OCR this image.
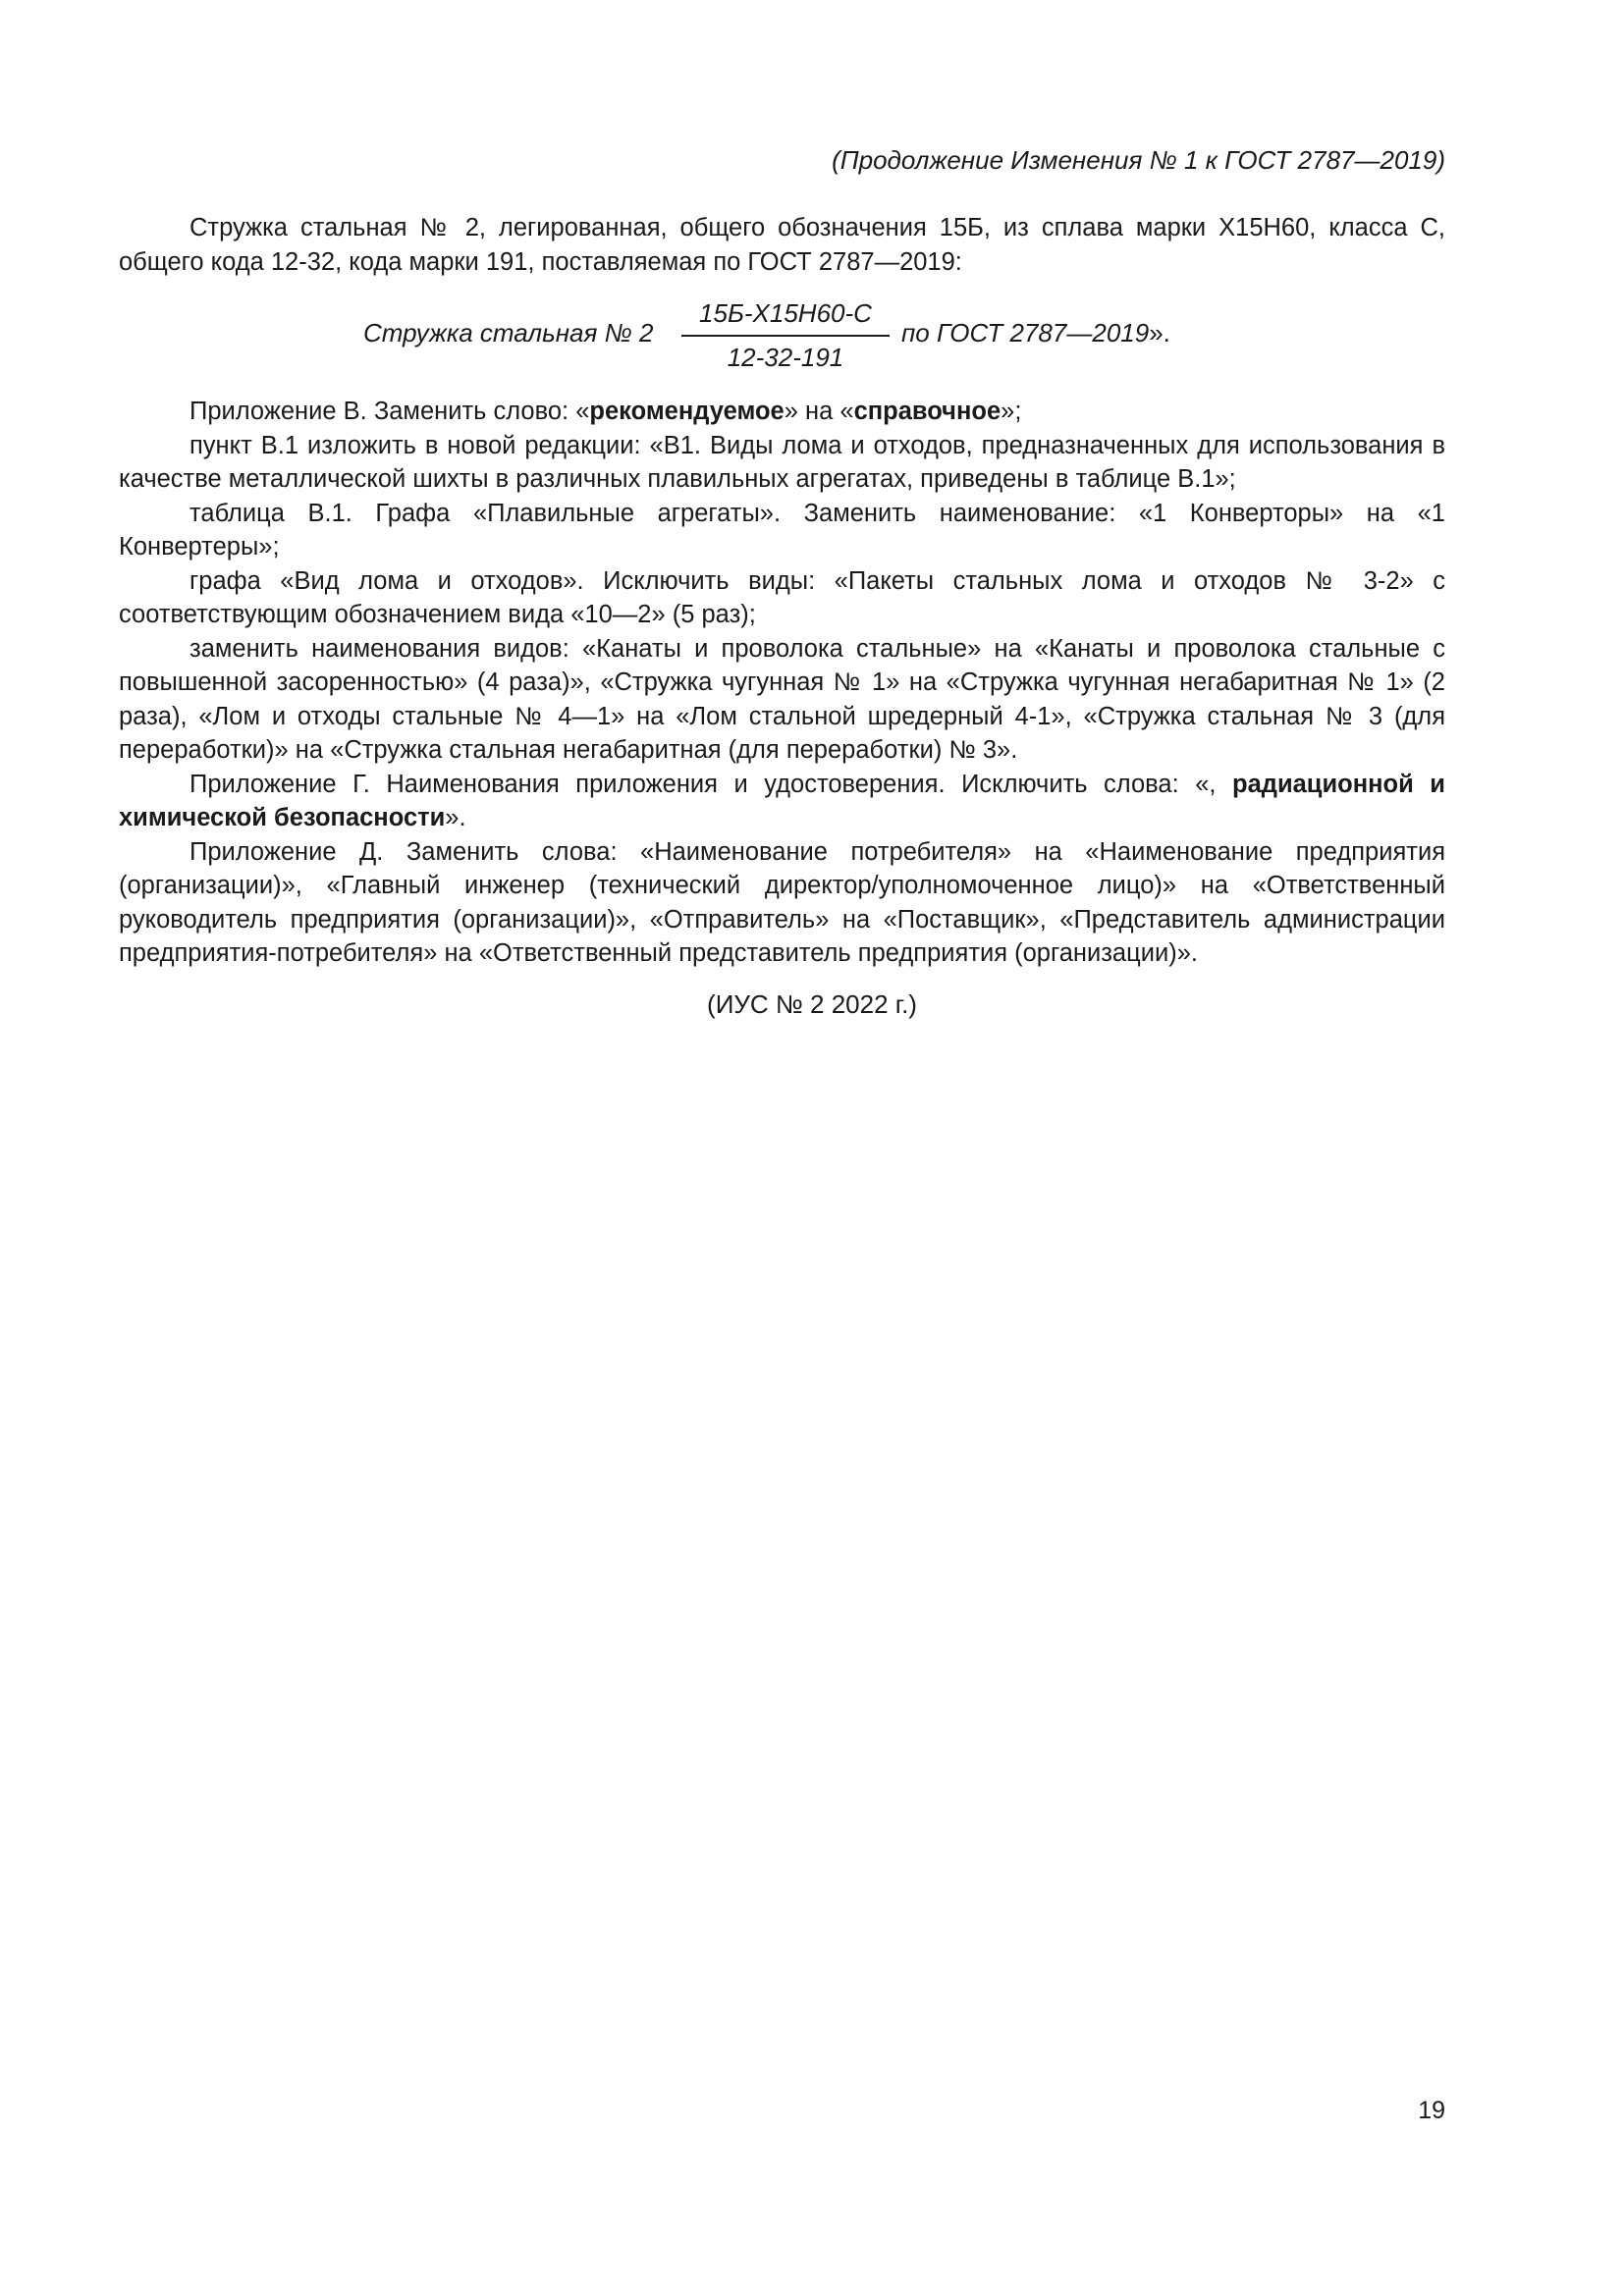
(Продолжение Изменения № 1 к ГОСТ 2787—2019)

Стружка стальная № 2, легированная, общего обозначения 15Б, из сплава марки Х15Н60, класса С, общего кода 12-32, кода марки 191, поставляемая по ГОСТ 2787—2019:

Стружка стальная № 2
15Б-Х15Н60-С
12-32-191
по ГОСТ 2787—2019».

Приложение В. Заменить слово: «рекомендуемое» на «справочное»;

пункт В.1 изложить в новой редакции: «В1. Виды лома и отходов, предназначенных для использования в качестве металлической шихты в различных плавильных агрегатах, приведены в таблице В.1»;

таблица В.1. Графа «Плавильные агрегаты». Заменить наименование: «1 Конверторы» на «1 Конвертеры»;

графа «Вид лома и отходов». Исключить виды: «Пакеты стальных лома и отходов № 3-2» с соответствующим обозначением вида «10—2» (5 раз);

заменить наименования видов: «Канаты и проволока стальные» на «Канаты и проволока стальные с повышенной засоренностью» (4 раза)», «Стружка чугунная № 1» на «Стружка чугунная негабаритная № 1» (2 раза), «Лом и отходы стальные № 4—1» на «Лом стальной шредерный 4-1», «Стружка стальная № 3 (для переработки)» на «Стружка стальная негабаритная (для переработки) № 3».

Приложение Г. Наименования приложения и удостоверения. Исключить слова: «, радиационной и химической безопасности».

Приложение Д. Заменить слова: «Наименование потребителя» на «Наименование предприятия (организации)», «Главный инженер (технический директор/уполномоченное лицо)» на «Ответственный руководитель предприятия (организации)», «Отправитель» на «Поставщик», «Представитель администрации предприятия-потребителя» на «Ответственный представитель предприятия (организации)».

(ИУС № 2 2022 г.)
19
